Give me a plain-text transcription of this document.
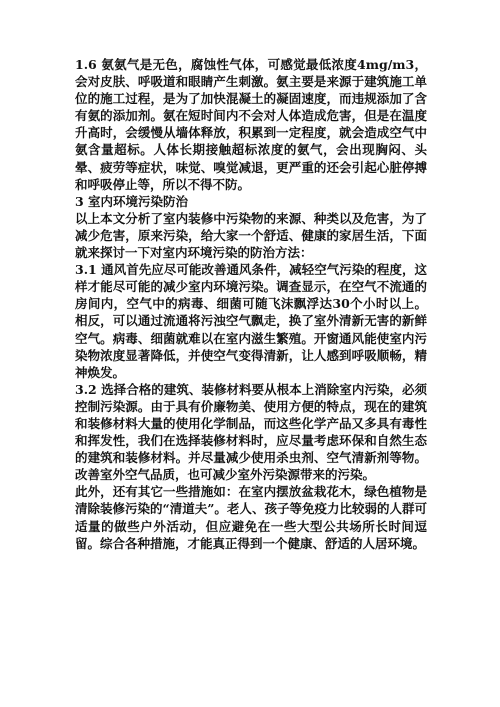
1.6 氨氨气是无色，腐蚀性气体，可感觉最低浓度4mg/m3，会对皮肤、呼吸道和眼睛产生刺激。氨主要是来源于建筑施工单位的施工过程，是为了加快混凝土的凝固速度，而违规添加了含有氨的添加剂。氨在短时间内不会对人体造成危害，但是在温度升高时，会缓慢从墙体释放，积累到一定程度，就会造成空气中氨含量超标。人体长期接触超标浓度的氨气，会出现胸闷、头晕、疲劳等症状，味觉、嗅觉减退，更严重的还会引起心脏停搏和呼吸停止等，所以不得不防。

3 室内环境污染防治

以上本文分析了室内装修中污染物的来源、种类以及危害，为了减少危害，原来污染，给大家一个舒适、健康的家居生活，下面就来探讨一下对室内环境污染的防治方法：

3.1 通风首先应尽可能改善通风条件，减轻空气污染的程度，这样才能尽可能的减少室内环境污染。调查显示，在空气不流通的房间内，空气中的病毒、细菌可随飞沫飘浮达30个小时以上。相反，可以通过流通将污浊空气飘走，换了室外清新无害的新鲜空气。病毒、细菌就难以在室内滋生繁殖。开窗通风能使室内污染物浓度显著降低，并使空气变得清新，让人感到呼吸顺畅，精神焕发。

3.2 选择合格的建筑、装修材料要从根本上消除室内污染，必须控制污染源。由于具有价廉物美、使用方便的特点，现在的建筑和装修材料大量的使用化学制品，而这些化学产品又多具有毒性和挥发性，我们在选择装修材料时，应尽量考虑环保和自然生态的建筑和装修材料。并尽量减少使用杀虫剂、空气清新剂等物。改善室外空气品质，也可减少室外污染源带来的污染。

此外，还有其它一些措施如：在室内摆放盆栽花木，绿色植物是清除装修污染的“清道夫”。老人、孩子等免疫力比较弱的人群可适量的做些户外活动，但应避免在一些大型公共场所长时间逗留。综合各种措施，才能真正得到一个健康、舒适的人居环境。
